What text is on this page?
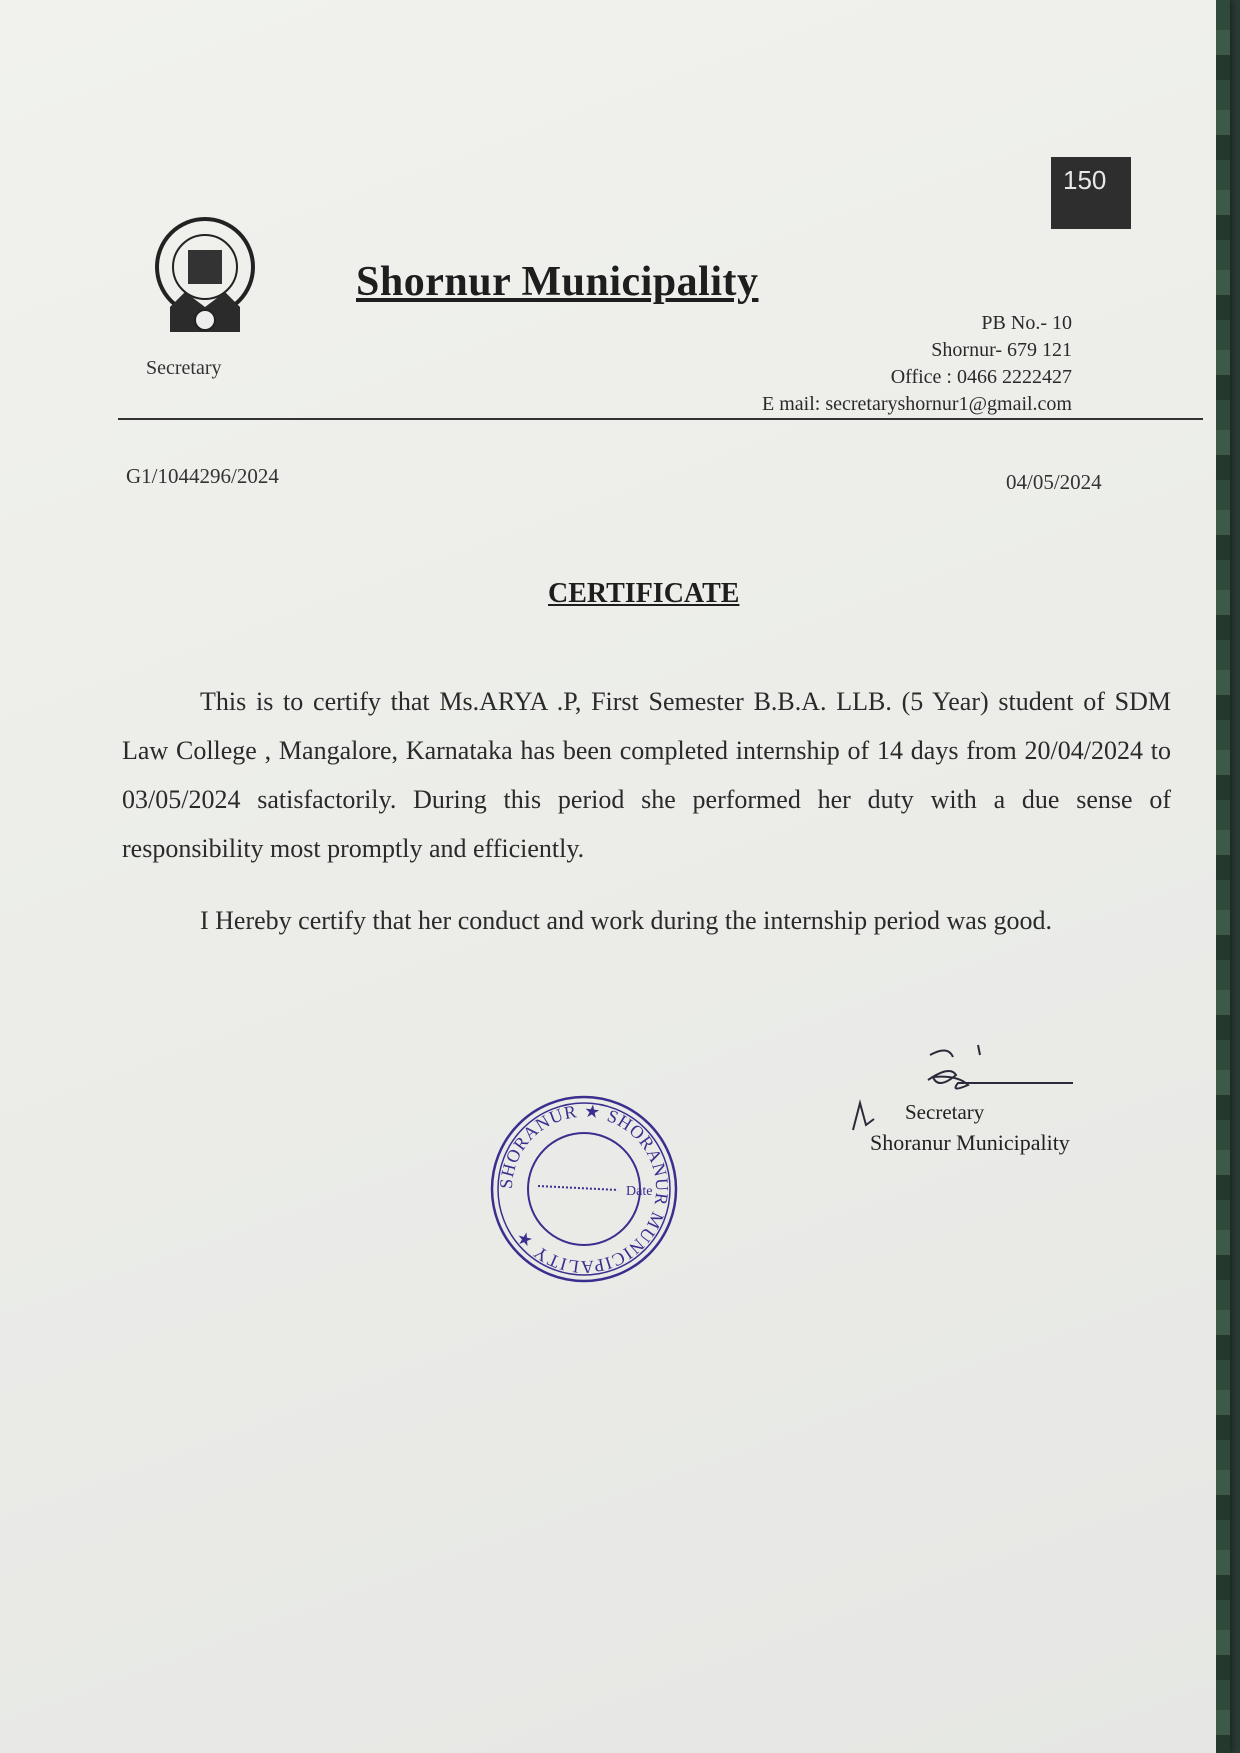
Secretary
150
Shornur Municipality
PB No.- 10
Shornur- 679 121
Office : 0466 2222427
E mail: secretaryshornur1@gmail.com
G1/1044296/2024	04/05/2024
CERTIFICATE

This is to certify that Ms.ARYA .P, First Semester B.B.A. LLB. (5 Year) student of SDM Law College , Mangalore, Karnataka has been completed internship of 14 days from 20/04/2024 to 03/05/2024 satisfactorily. During this period she performed her duty with a due sense of responsibility most promptly and efficiently.

I Hereby certify that her conduct and work during the internship period was good.

Secretary
Shoranur Municipality
SHORANUR ★ SHORANUR MUNICIPALITY ★
Date
